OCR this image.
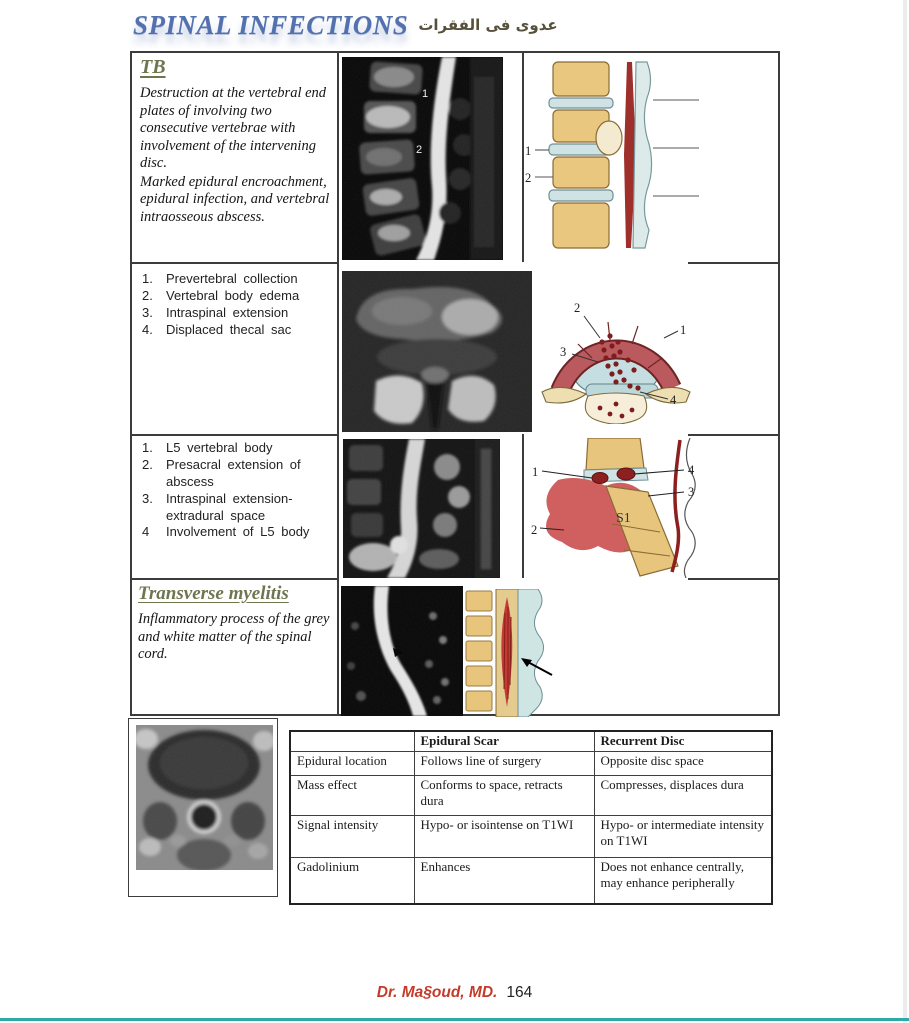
SPINAL INFECTIONS عدوى فى الفقرات
TB

Destruction at the vertebral end plates of involving two consecutive vertebrae with involvement of the intervening disc.

Marked epidural encroachment, epidural infection, and vertebral intraosseous abscess.

1.	Prevertebral collection
2.	Vertebral body edema
3.	Intraspinal extension
4.	Displaced thecal sac
1.	L5 vertebral body
2.	Presacral extension of abscess
3.	Intraspinal extension- extradural space
4	Involvement of L5 body
Transverse myelitis

Inflammatory process of the grey and white matter of the spinal cord.

1
2	1
2
2
1
3
4
1	4
3
2
S1
	Epidural Scar	Recurrent Disc
Epidural location	Follows line of surgery	Opposite disc space
Mass effect	Conforms to space, retracts dura	Compresses, displaces dura
Signal intensity	Hypo- or isointense on T1WI	Hypo- or intermediate intensity on T1WI
Gadolinium	Enhances	Does not enhance centrally, may enhance peripherally
Dr. Ma§oud, MD. 164
